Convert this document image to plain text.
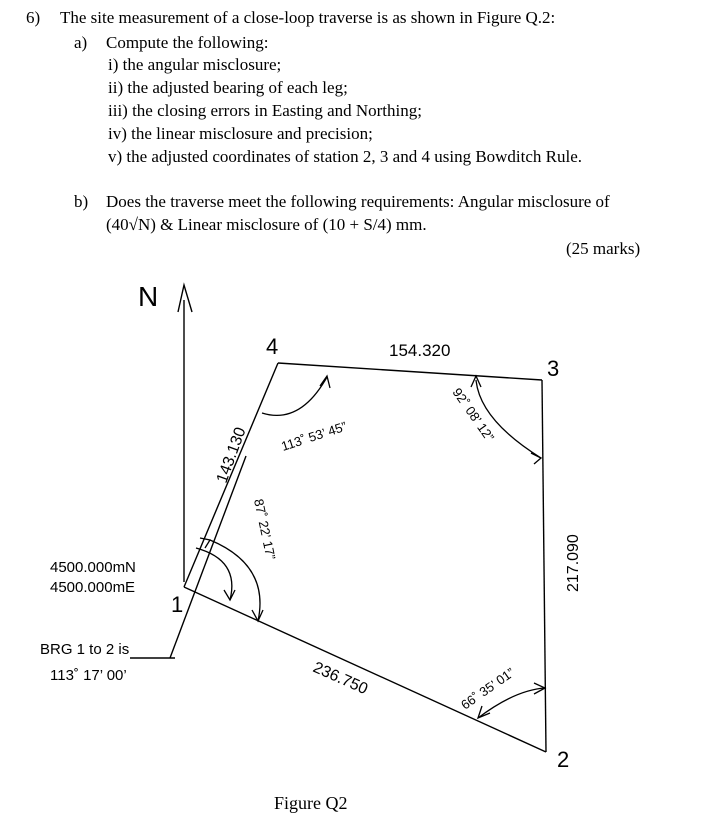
6) The site measurement of a close-loop traverse is as shown in Figure Q.2:

a) Compute the following:

i) the angular misclosure;

ii) the adjusted bearing of each leg;

iii) the closing errors in Easting and Northing;

iv) the linear misclosure and precision;

v) the adjusted coordinates of station 2, 3 and 4 using Bowditch Rule.

b) Does the traverse meet the following requirements: Angular misclosure of

(40√N) & Linear misclosure of (10 + S/4) mm.

(25 marks)

Figure Q2

N
4
3
2
1
143.130
154.320
217.090
236.750
113˚ 53’ 45”	92˚ 08’ 12”
87˚ 22’ 17”
66˚ 35’ 01”
4500.000mN
4500.000mE
BRG 1 to 2 is
113˚ 17’ 00’
